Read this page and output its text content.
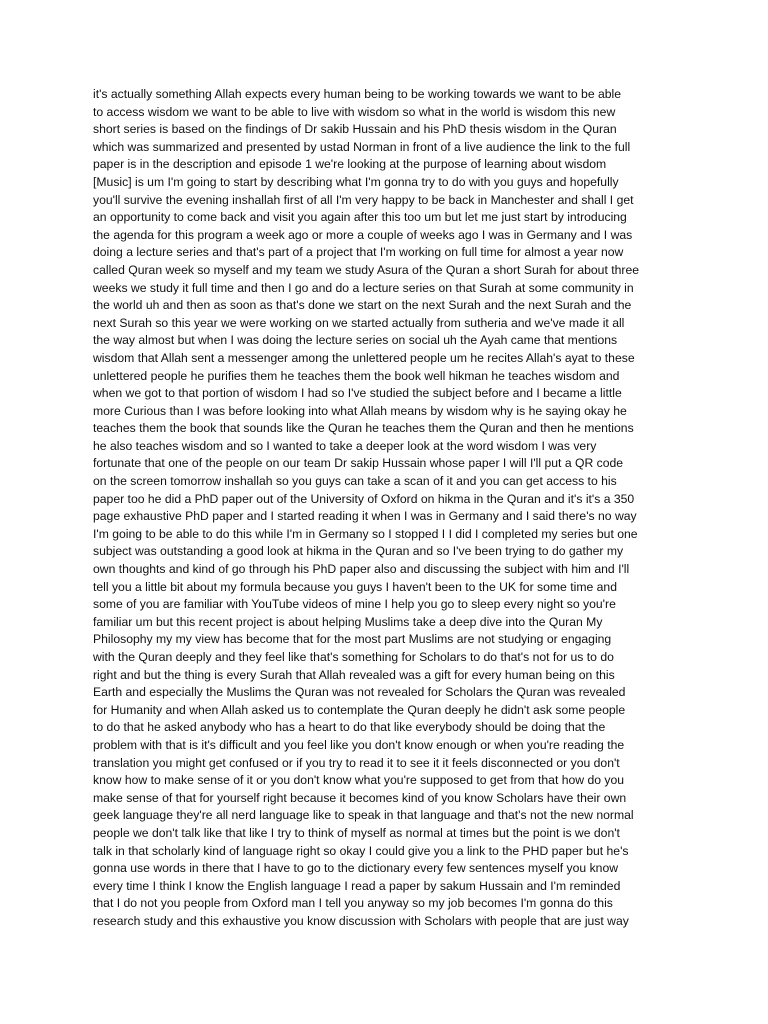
it's actually something Allah expects every human being to be working towards we want to be able
to access wisdom we want to be able to live with wisdom so what in the world is wisdom this new
short series is based on the findings of Dr sakib Hussain and his PhD thesis wisdom in the Quran
which was summarized and presented by ustad Norman in front of a live audience the link to the full
paper is in the description and episode 1 we're looking at the purpose of learning about wisdom
[Music] is um I'm going to start by describing what I'm gonna try to do with you guys and hopefully
you'll survive the evening inshallah first of all I'm very happy to be back in Manchester and shall I get
an opportunity to come back and visit you again after this too um but let me just start by introducing
the agenda for this program a week ago or more a couple of weeks ago I was in Germany and I was
doing a lecture series and that's part of a project that I'm working on full time for almost a year now
called Quran week so myself and my team we study Asura of the Quran a short Surah for about three
weeks we study it full time and then I go and do a lecture series on that Surah at some community in
the world uh and then as soon as that's done we start on the next Surah and the next Surah and the
next Surah so this year we were working on we started actually from sutheria and we've made it all
the way almost but when I was doing the lecture series on social uh the Ayah came that mentions
wisdom that Allah sent a messenger among the unlettered people um he recites Allah's ayat to these
unlettered people he purifies them he teaches them the book well hikman he teaches wisdom and
when we got to that portion of wisdom I had so I've studied the subject before and I became a little
more Curious than I was before looking into what Allah means by wisdom why is he saying okay he
teaches them the book that sounds like the Quran he teaches them the Quran and then he mentions
he also teaches wisdom and so I wanted to take a deeper look at the word wisdom I was very
fortunate that one of the people on our team Dr sakip Hussain whose paper I will I'll put a QR code
on the screen tomorrow inshallah so you guys can take a scan of it and you can get access to his
paper too he did a PhD paper out of the University of Oxford on hikma in the Quran and it's it's a 350
page exhaustive PhD paper and I started reading it when I was in Germany and I said there's no way
I'm going to be able to do this while I'm in Germany so I stopped I I did I completed my series but one
subject was outstanding a good look at hikma in the Quran and so I've been trying to do gather my
own thoughts and kind of go through his PhD paper also and discussing the subject with him and I'll
tell you a little bit about my formula because you guys I haven't been to the UK for some time and
some of you are familiar with YouTube videos of mine I help you go to sleep every night so you're
familiar um but this recent project is about helping Muslims take a deep dive into the Quran My
Philosophy my my view has become that for the most part Muslims are not studying or engaging
with the Quran deeply and they feel like that's something for Scholars to do that's not for us to do
right and but the thing is every Surah that Allah revealed was a gift for every human being on this
Earth and especially the Muslims the Quran was not revealed for Scholars the Quran was revealed
for Humanity and when Allah asked us to contemplate the Quran deeply he didn't ask some people
to do that he asked anybody who has a heart to do that like everybody should be doing that the
problem with that is it's difficult and you feel like you don't know enough or when you're reading the
translation you might get confused or if you try to read it to see it it feels disconnected or you don't
know how to make sense of it or you don't know what you're supposed to get from that how do you
make sense of that for yourself right because it becomes kind of you know Scholars have their own
geek language they're all nerd language like to speak in that language and that's not the new normal
people we don't talk like that like I try to think of myself as normal at times but the point is we don't
talk in that scholarly kind of language right so okay I could give you a link to the PHD paper but he's
gonna use words in there that I have to go to the dictionary every few sentences myself you know
every time I think I know the English language I read a paper by sakum Hussain and I'm reminded
that I do not you people from Oxford man I tell you anyway so my job becomes I'm gonna do this
research study and this exhaustive you know discussion with Scholars with people that are just way
